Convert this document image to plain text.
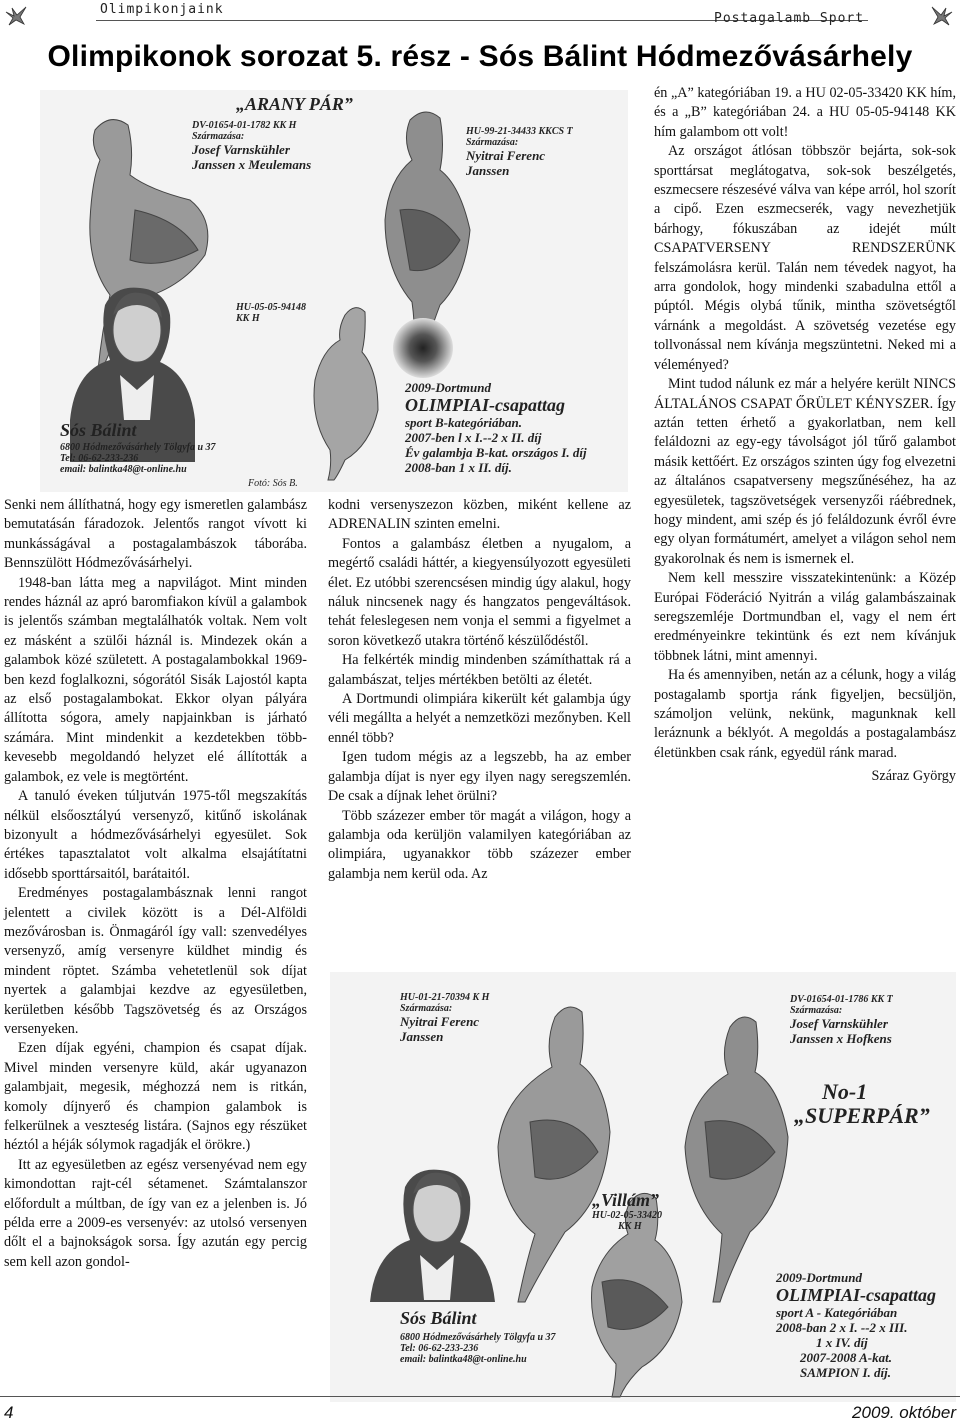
Olimpikonjaink
Postagalamb Sport
Olimpikonok sorozat 5. rész - Sós Bálint Hódmezővásárhely
„ARANY PÁR”
DV-01654-01-1782 KK H
Származása:
Josef Varnskühler
Janssen x Meulemans
HU-99-21-34433 KKCS T
Származása:
Nyitrai Ferenc
Janssen
HU-05-05-94148
KK H
Sós Bálint
6800 Hódmezővásárhely Tölgyfa u 37
Tel: 06-62-233-236
email: balintka48@t-online.hu
Fotó: Sós B.
2009-Dortmund
OLIMPIAI-csapattag
sport B-kategóriában.
2007-ben l x I.--2 x II. díj
Év galambja B-kat. országos I. díj
2008-ban 1 x II. díj.

Senki nem állíthatná, hogy egy ismeretlen galambász bemutatásán fáradozok. Jelentős rangot vívott ki munkásságával a postagalambászok táborába. Bennszülött Hódmezővásárhelyi.

1948-ban látta meg a napvilágot. Mint minden rendes háznál az apró baromfiakon kívül a galambok is jelentős számban megtalálhatók voltak. Nem volt ez másként a szülői háznál is. Mindezek okán a galambok közé született. A postagalambokkal 1969-ben kezd foglalkozni, sógorától Sisák Lajostól kapta az első postagalambokat. Ekkor olyan pályára állította sógora, amely napjainkban is járható számára. Mint mindenkit a kezdetekben több-kevesebb megoldandó helyzet elé állították a galambok, ez vele is megtörtént.

A tanuló éveken túljutván 1975-től megszakítás nélkül elsőosztályú versenyző, kitűnő iskolának bizonyult a hódmezővásárhelyi egyesület. Sok értékes tapasztalatot volt alkalma elsajátítatni idősebb sporttársaitól, barátaitól.

Eredményes postagalambásznak lenni rangot jelentett a civilek között is a Dél-Alföldi mezővárosban is. Önmagáról így vall: szenvedélyes versenyző, amíg versenyre küldhet mindig és mindent röptet. Számba vehetetlenül sok díjat nyertek a galambjai kezdve az egyesületben, kerületben később Tagszövetség és az Országos versenyeken.

Ezen díjak egyéni, champion és csapat díjak. Mivel minden versenyre küld, akár ugyanazon galambjait, megesik, méghozzá nem is ritkán, komoly díjnyerő és champion galambok is felkerülnek a veszteség listára. (Sajnos egy részüket héztól a héják sólymok ragadják el örökre.)

Itt az egyesületben az egész versenyévad nem egy kimondottan rajt-cél sétamenet. Számtalanszor előfordult a múltban, de így van ez a jelenben is. Jó példa erre a 2009-es versenyév: az utolsó versenyen dőlt el a bajnokságok sorsa. Így azután egy percig sem kell azon gondol-

kodni versenyszezon közben, miként kellene az ADRENALIN szinten emelni.

Fontos a galambász életben a nyugalom, a megértő családi háttér, a kiegyensúlyozott egyesületi élet. Ez utóbbi szerencsésen mindig úgy alakul, hogy náluk nincsenek nagy és hangzatos pengeváltások. tehát feleslegesen nem vonja el semmi a figyelmet a soron következő utakra történő készülődéstől.

Ha felkérték mindig mindenben számíthattak rá a galambászat, teljes mértékben betölti az életét.

A Dortmundi olimpiára kikerült két galambja úgy véli megállta a helyét a nemzetközi mezőnyben. Kell ennél több?

Igen tudom mégis az a legszebb, ha az ember galambja díjat is nyer egy ilyen nagy seregszemlén. De csak a díjnak lehet örülni?

Több százezer ember tör magát a világon, hogy a galambja oda kerüljön valamilyen kategóriában az olimpiára, ugyanakkor több százezer ember galambja nem kerül oda. Az

én „A” kategóriában 19. a HU 02-05-33420 KK hím, és a „B” kategóriában 24. a HU 05-05-94148 KK hím galambom ott volt!

Az országot átlósan többször bejárta, sok-sok sporttársat meglátogatva, sok-sok beszélgetés, eszmecsere részesévé válva van képe arról, hol szorít a cipő. Ezen eszmecserék, vagy nevezhetjük bárhogy, fókuszában az idejét múlt CSAPATVERSENY RENDSZERÜNK felszámolásra kerül. Talán nem tévedek nagyot, ha arra gondolok, hogy mindenki szabadulna ettől a púptól. Mégis olybá tűnik, mintha szövetségtől várnánk a megoldást. A szövetség vezetése egy tollvonással nem kívánja megszüntetni. Neked mi a véleményed?

Mint tudod nálunk ez már a helyére került NINCS ÁLTALÁNOS CSAPAT ŐRÜLET KÉNYSZER. Így aztán tetten érhető a gyakorlatban, nem kell feláldozni az egy-egy távolságot jól tűrő galambot másik kettőért. Ez országos szinten úgy fog elvezetni az általános csapatverseny megszűnéséhez, ha az egyesületek, tagszövetségek versenyzői ráébrednek, hogy mindent, ami szép és jó feláldozunk évről évre egy olyan formátumért, amelyet a világon sehol nem gyakorolnak és nem is ismernek el.

Nem kell messzire visszatekintenünk: a Közép Európai Föderáció Nyitrán a világ galambászainak seregszemléje Dortmundban el, vagy el nem ért eredményeinkre tekintünk és ezt nem kívánjuk többnek látni, mint amennyi.

Ha és amennyiben, netán az a célunk, hogy a világ postagalamb sportja ránk figyeljen, becsüljön, számoljon velünk, nekünk, magunknak kell leráznunk a béklyót. A megoldás a postagalambász életünkben csak ránk, egyedül ránk marad.

Száraz György
HU-01-21-70394 K H
Származása:
Nyitrai Ferenc
Janssen
DV-01654-01-1786 KK T
Származása:
Josef Varnskühler
Janssen x Hofkens
No-1
„SUPERPÁR”
„Villám”
HU-02-05-33420
KK H
Sós Bálint
6800 Hódmezővásárhely Tölgyfa u 37
Tel: 06-62-233-236
email: balintka48@t-online.hu
2009-Dortmund
OLIMPIAI-csapattag
sport A - Kategóriában
2008-ban 2 x I. --2 x III.
1 x IV. díj
2007-2008 A-kat.
SAMPION I. díj.
4	2009. október
